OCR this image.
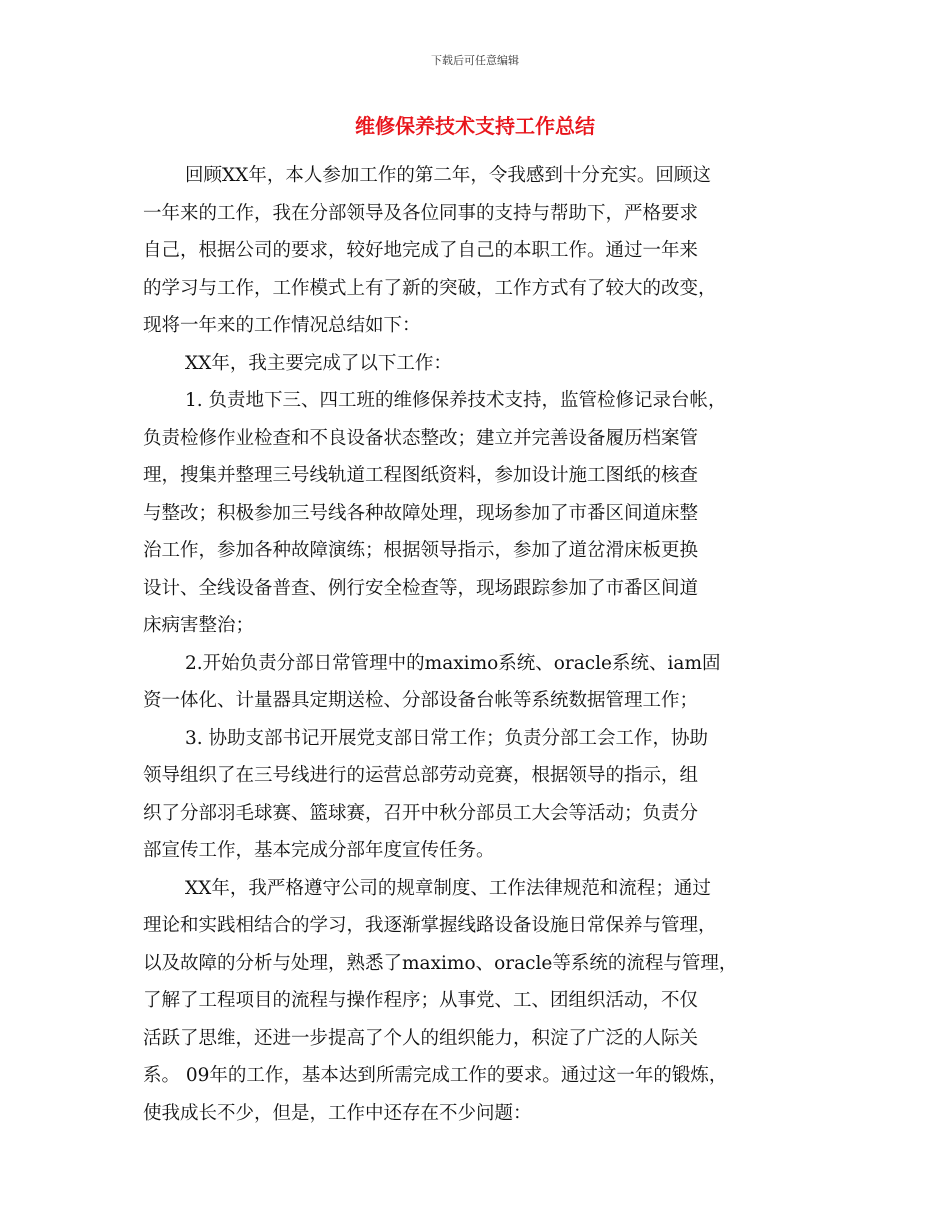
下载后可任意编辑
维修保养技术支持工作总结

回顾XX年，本人参加工作的第二年，令我感到十分充实。回顾这
一年来的工作，我在分部领导及各位同事的支持与帮助下，严格要求
自己，根据公司的要求，较好地完成了自己的本职工作。通过一年来
的学习与工作，工作模式上有了新的突破，工作方式有了较大的改变，
现将一年来的工作情况总结如下：

XX年，我主要完成了以下工作：

1. 负责地下三、四工班的维修保养技术支持，监管检修记录台帐，
负责检修作业检查和不良设备状态整改；建立并完善设备履历档案管
理，搜集并整理三号线轨道工程图纸资料，参加设计施工图纸的核查
与整改；积极参加三号线各种故障处理，现场参加了市番区间道床整
治工作，参加各种故障演练；根据领导指示，参加了道岔滑床板更换
设计、全线设备普查、例行安全检查等，现场跟踪参加了市番区间道
床病害整治；

2.开始负责分部日常管理中的maximo系统、oracle系统、iam固
资一体化、计量器具定期送检、分部设备台帐等系统数据管理工作；

3. 协助支部书记开展党支部日常工作；负责分部工会工作，协助
领导组织了在三号线进行的运营总部劳动竞赛，根据领导的指示，组
织了分部羽毛球赛、篮球赛，召开中秋分部员工大会等活动；负责分
部宣传工作，基本完成分部年度宣传任务。

XX年，我严格遵守公司的规章制度、工作法律规范和流程；通过
理论和实践相结合的学习，我逐渐掌握线路设备设施日常保养与管理，
以及故障的分析与处理，熟悉了maximo、oracle等系统的流程与管理，
了解了工程项目的流程与操作程序；从事党、工、团组织活动，不仅
活跃了思维，还进一步提高了个人的组织能力，积淀了广泛的人际关
系。 09年的工作，基本达到所需完成工作的要求。通过这一年的锻炼，
使我成长不少，但是，工作中还存在不少问题：
